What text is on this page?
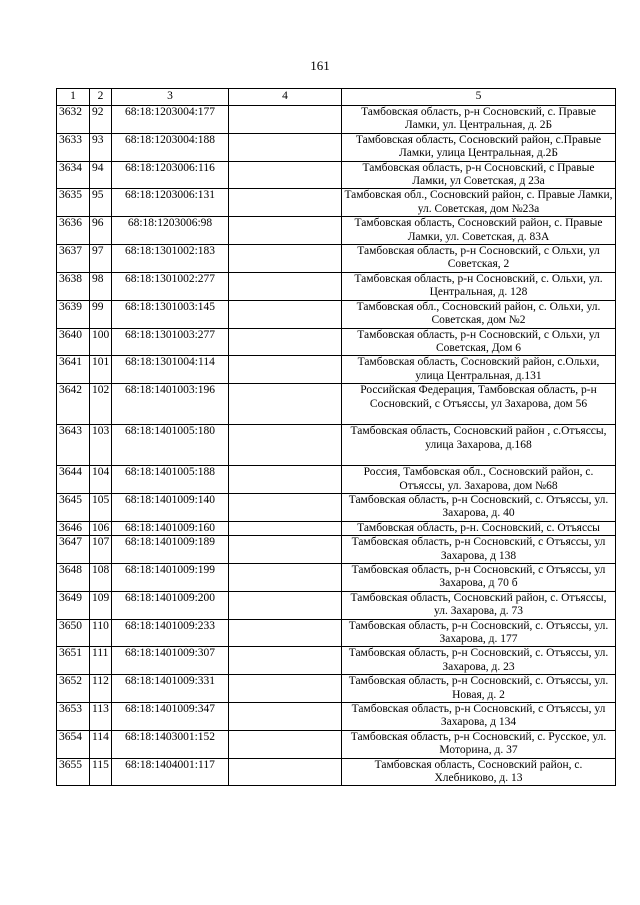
161
1	2	3	4	5
3632	92	68:18:1203004:177		Тамбовская область, р-н Сосновский, с. Правые Ламки, ул. Центральная, д. 2Б
3633	93	68:18:1203004:188		Тамбовская область, Сосновский район, с.Правые Ламки, улица Центральная, д.2Б
3634	94	68:18:1203006:116		Тамбовская область, р-н Сосновский, с Правые Ламки, ул Советская, д 23а
3635	95	68:18:1203006:131		Тамбовская обл., Сосновский район, с. Правые Ламки, ул. Советская, дом №23а
3636	96	68:18:1203006:98		Тамбовская область, Сосновский район, с. Правые Ламки, ул. Советская, д. 83А
3637	97	68:18:1301002:183		Тамбовская область, р-н Сосновский, с Ольхи, ул Советская, 2
3638	98	68:18:1301002:277		Тамбовская область, р-н Сосновский, с. Ольхи, ул. Центральная, д. 128
3639	99	68:18:1301003:145		Тамбовская обл., Сосновский район, с. Ольхи, ул. Советская, дом №2
3640	100	68:18:1301003:277		Тамбовская область, р-н Сосновский, с Ольхи, ул Советская, Дом 6
3641	101	68:18:1301004:114		Тамбовская область, Сосновский район, с.Ольхи, улица Центральная, д.131
3642	102	68:18:1401003:196		Российская Федерация, Тамбовская область, р-н Сосновский, с Отъяссы, ул Захарова, дом 56
3643	103	68:18:1401005:180		Тамбовская область, Сосновский район , с.Отъяссы, улица Захарова, д.168
3644	104	68:18:1401005:188		Россия, Тамбовская обл., Сосновский район, с. Отъяссы, ул. Захарова, дом №68
3645	105	68:18:1401009:140		Тамбовская область, р-н Сосновский, с. Отъяссы, ул. Захарова, д. 40
3646	106	68:18:1401009:160		Тамбовская область, р-н. Сосновский, с. Отъяссы
3647	107	68:18:1401009:189		Тамбовская область, р-н Сосновский, с Отъяссы, ул Захарова, д 138
3648	108	68:18:1401009:199		Тамбовская область, р-н Сосновский, с Отъяссы, ул Захарова, д 70 б
3649	109	68:18:1401009:200		Тамбовская область, Сосновский район, с. Отъяссы, ул. Захарова, д. 73
3650	110	68:18:1401009:233		Тамбовская область, р-н Сосновский, с. Отъяссы, ул. Захарова, д. 177
3651	111	68:18:1401009:307		Тамбовская область, р-н Сосновский, с. Отъяссы, ул. Захарова, д. 23
3652	112	68:18:1401009:331		Тамбовская область, р-н Сосновский, с. Отъяссы, ул. Новая, д. 2
3653	113	68:18:1401009:347		Тамбовская область, р-н Сосновский, с Отъяссы, ул Захарова, д 134
3654	114	68:18:1403001:152		Тамбовская область, р-н Сосновский, с. Русское, ул. Моторина, д. 37
3655	115	68:18:1404001:117		Тамбовская область, Сосновский район, с. Хлебниково, д. 13
